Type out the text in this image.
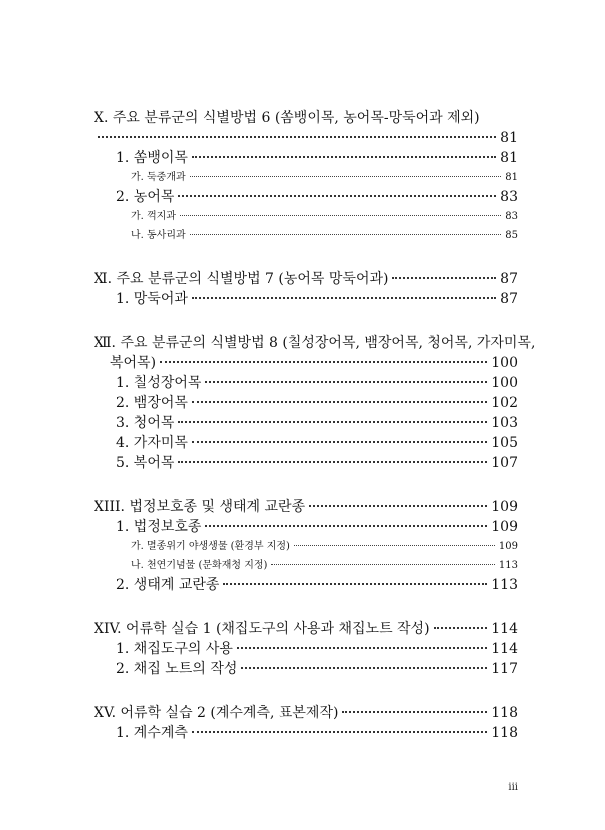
Ⅹ. 주요 분류군의 식별방법 6 (쏨뱅이목, 농어목-망둑어과 제외)
81
1. 쏨뱅이목	81
가. 둑중개과	81
2. 농어목	83
가. 꺽지과	83
나. 동사리과	85
Ⅺ. 주요 분류군의 식별방법 7 (농어목 망둑어과)	87
1. 망둑어과	87
Ⅻ. 주요 분류군의 식별방법 8 (칠성장어목, 뱀장어목, 청어목, 가자미목,
복어목)	100
1. 칠성장어목	100
2. 뱀장어목	102
3. 청어목	103
4. 가자미목	105
5. 복어목	107
XIII. 법정보호종 및 생태계 교란종	109
1. 법정보호종	109
가. 멸종위기 야생생물 (환경부 지정)	109
나. 천연기념물 (문화재청 지정)	113
2. 생태계 교란종	113
XIV. 어류학 실습 1 (채집도구의 사용과 채집노트 작성)	114
1. 채집도구의 사용	114
2. 채집 노트의 작성	117
XV. 어류학 실습 2 (계수계측, 표본제작)	118
1. 계수계측	118
iii
